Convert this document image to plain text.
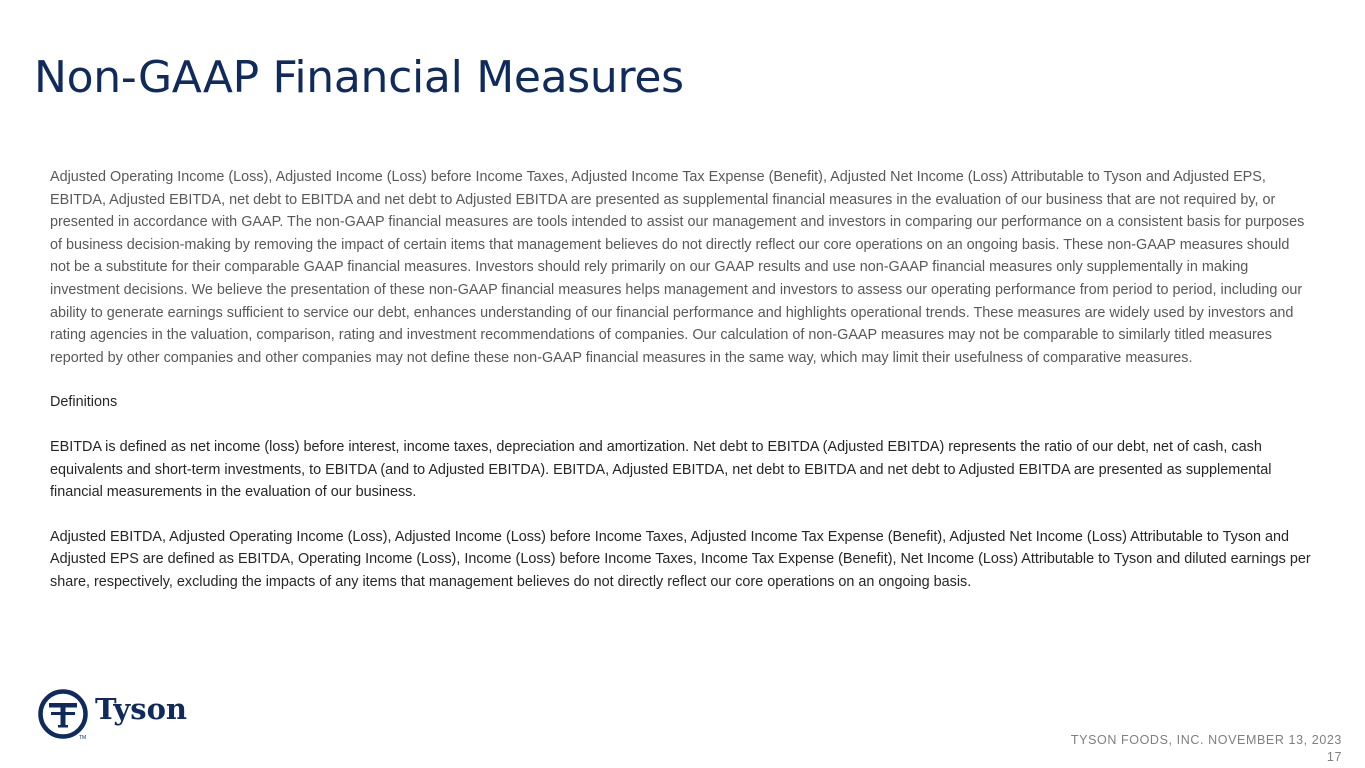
Non-GAAP Financial Measures

Adjusted Operating Income (Loss), Adjusted Income (Loss) before Income Taxes, Adjusted Income Tax Expense (Benefit), Adjusted Net Income (Loss) Attributable to Tyson and Adjusted EPS, EBITDA, Adjusted EBITDA, net debt to EBITDA and net debt to Adjusted EBITDA are presented as supplemental financial measures in the evaluation of our business that are not required by, or presented in accordance with GAAP. The non-GAAP financial measures are tools intended to assist our management and investors in comparing our performance on a consistent basis for purposes of business decision-making by removing the impact of certain items that management believes do not directly reflect our core operations on an ongoing basis. These non-GAAP measures should not be a substitute for their comparable GAAP financial measures. Investors should rely primarily on our GAAP results and use non-GAAP financial measures only supplementally in making investment decisions. We believe the presentation of these non-GAAP financial measures helps management and investors to assess our operating performance from period to period, including our ability to generate earnings sufficient to service our debt, enhances understanding of our financial performance and highlights operational trends. These measures are widely used by investors and rating agencies in the valuation, comparison, rating and investment recommendations of companies. Our calculation of non-GAAP measures may not be comparable to similarly titled measures reported by other companies and other companies may not define these non-GAAP financial measures in the same way, which may limit their usefulness of comparative measures.

Definitions

EBITDA is defined as net income (loss) before interest, income taxes, depreciation and amortization. Net debt to EBITDA (Adjusted EBITDA) represents the ratio of our debt, net of cash, cash equivalents and short-term investments, to EBITDA (and to Adjusted EBITDA). EBITDA, Adjusted EBITDA, net debt to EBITDA and net debt to Adjusted EBITDA are presented as supplemental financial measurements in the evaluation of our business.

Adjusted EBITDA, Adjusted Operating Income (Loss), Adjusted Income (Loss) before Income Taxes, Adjusted Income Tax Expense (Benefit), Adjusted Net Income (Loss) Attributable to Tyson and Adjusted EPS are defined as EBITDA, Operating Income (Loss), Income (Loss) before Income Taxes, Income Tax Expense (Benefit), Net Income (Loss) Attributable to Tyson and diluted earnings per share, respectively, excluding the impacts of any items that management believes do not directly reflect our core operations on an ongoing basis.

Tyson
TM	TYSON FOODS, INC. NOVEMBER 13, 2023
17
